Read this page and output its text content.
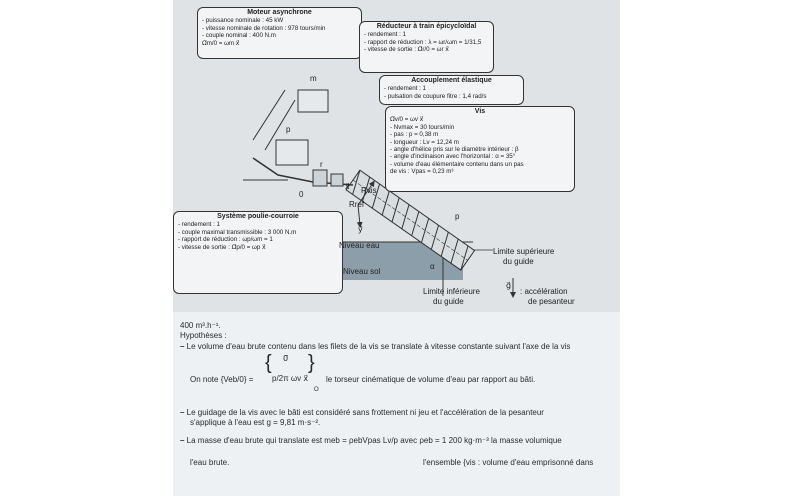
Moteur asynchrone
- puissance nominale : 45 kW
- vitesse nominale de rotation : 978 tours/min
- couple nominal : 400 N.m
Ω⃗m/0 = ωm x⃗
Réducteur à train épicycloïdal
- rendement : 1
- rapport de réduction : λ = ωr/ωm = 1/31,5
- vitesse de sortie : Ω⃗r/0 = ωr x⃗
Accouplement élastique
- rendement : 1
- pulsation de coupure fitre : 1,4 rad/s
Vis
Ω⃗v/0 = ωv x⃗
- Nvmax = 30 tours/min
- pas : p = 0,38 m
- longueur : Lv = 12,24 m
- angle d'hélice pris sur le diamètre intérieur : β
- angle d'inclinaison avec l'horizontal : α = 35°
- volume d'eau élémentaire contenu dans un pas
de vis : Vpas = 0,23 m³
Système poulie-courroie
- rendement : 1
- couple maximal transmissible : 3 000 N.m
- rapport de réduction : ωp/ωm = 1
- vitesse de sortie : Ω⃗p/0 = ωp x⃗
m
p
0
r
x⃗ Rvis
Rref
y⃗
p
α
Niveau eau
Niveau sol
Limite supérieure
du guide
Limite inférieure
du guide
g⃗
: accélération
de pesanteur
400 m³.h⁻¹.
Hypothèses :
– Le volume d'eau brute contenu dans les filets de la vis se translate à vitesse constante suivant l'axe de la vis
On note {Veb/0} =
{ 0⃗
p/2π ωv x⃗
}
O
le torseur cinématique de volume d'eau par rapport au bâti.
– Le guidage de la vis avec le bâti est considéré sans frottement ni jeu et l'accélération de la pesanteur
s'applique à l'eau est g = 9,81 m·s⁻².
– La masse d'eau brute qui translate est meb = ρebVpas Lv/p avec ρeb = 1 200 kg·m⁻³ la masse volumique
l'eau brute.	l'ensemble {vis : volume d'eau emprisonné dans
